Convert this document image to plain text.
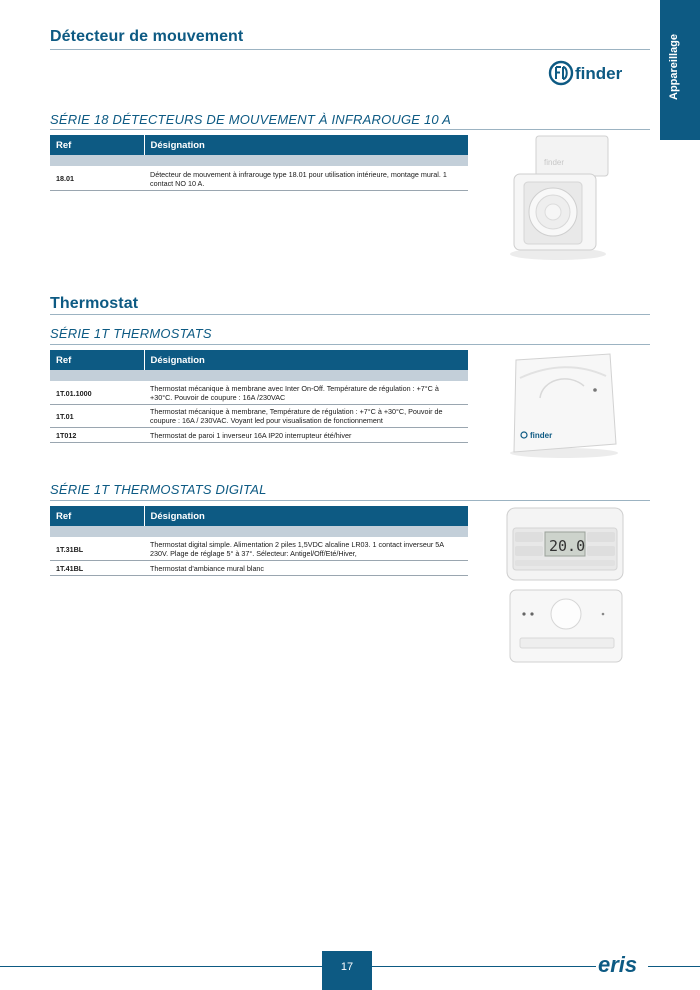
Appareillage
Détecteur de mouvement
finder
SÉRIE 18 DÉTECTEURS DE MOUVEMENT À INFRAROUGE 10 A
Ref	Désignation

18.01	Détecteur de mouvement à infrarouge type 18.01 pour utilisation intérieure, montage mural. 1 contact NO 10 A.
finder
Thermostat
SÉRIE 1T THERMOSTATS
Ref	Désignation

1T.01.1000	Thermostat mécanique à membrane avec Inter On-Off. Température de régulation : +7°C à +30°C. Pouvoir de coupure : 16A /230VAC
1T.01	Thermostat mécanique à membrane, Température de régulation : +7°C à +30°C, Pouvoir de coupure : 16A / 230VAC. Voyant led pour visualisation de fonctionnement
1T012	Thermostat de paroi 1 inverseur 16A IP20 interrupteur été/hiver	finder
SÉRIE 1T THERMOSTATS DIGITAL
Ref	Désignation

1T.31BL	Thermostat digital simple. Alimentation 2 piles 1,5VDC alcaline LR03. 1 contact inverseur 5A 230V. Plage de réglage 5° à 37°. Sélecteur: Antigel/Off/Eté/Hiver,
1T.41BL	Thermostat d'ambiance mural blanc
20.0
17	eris
